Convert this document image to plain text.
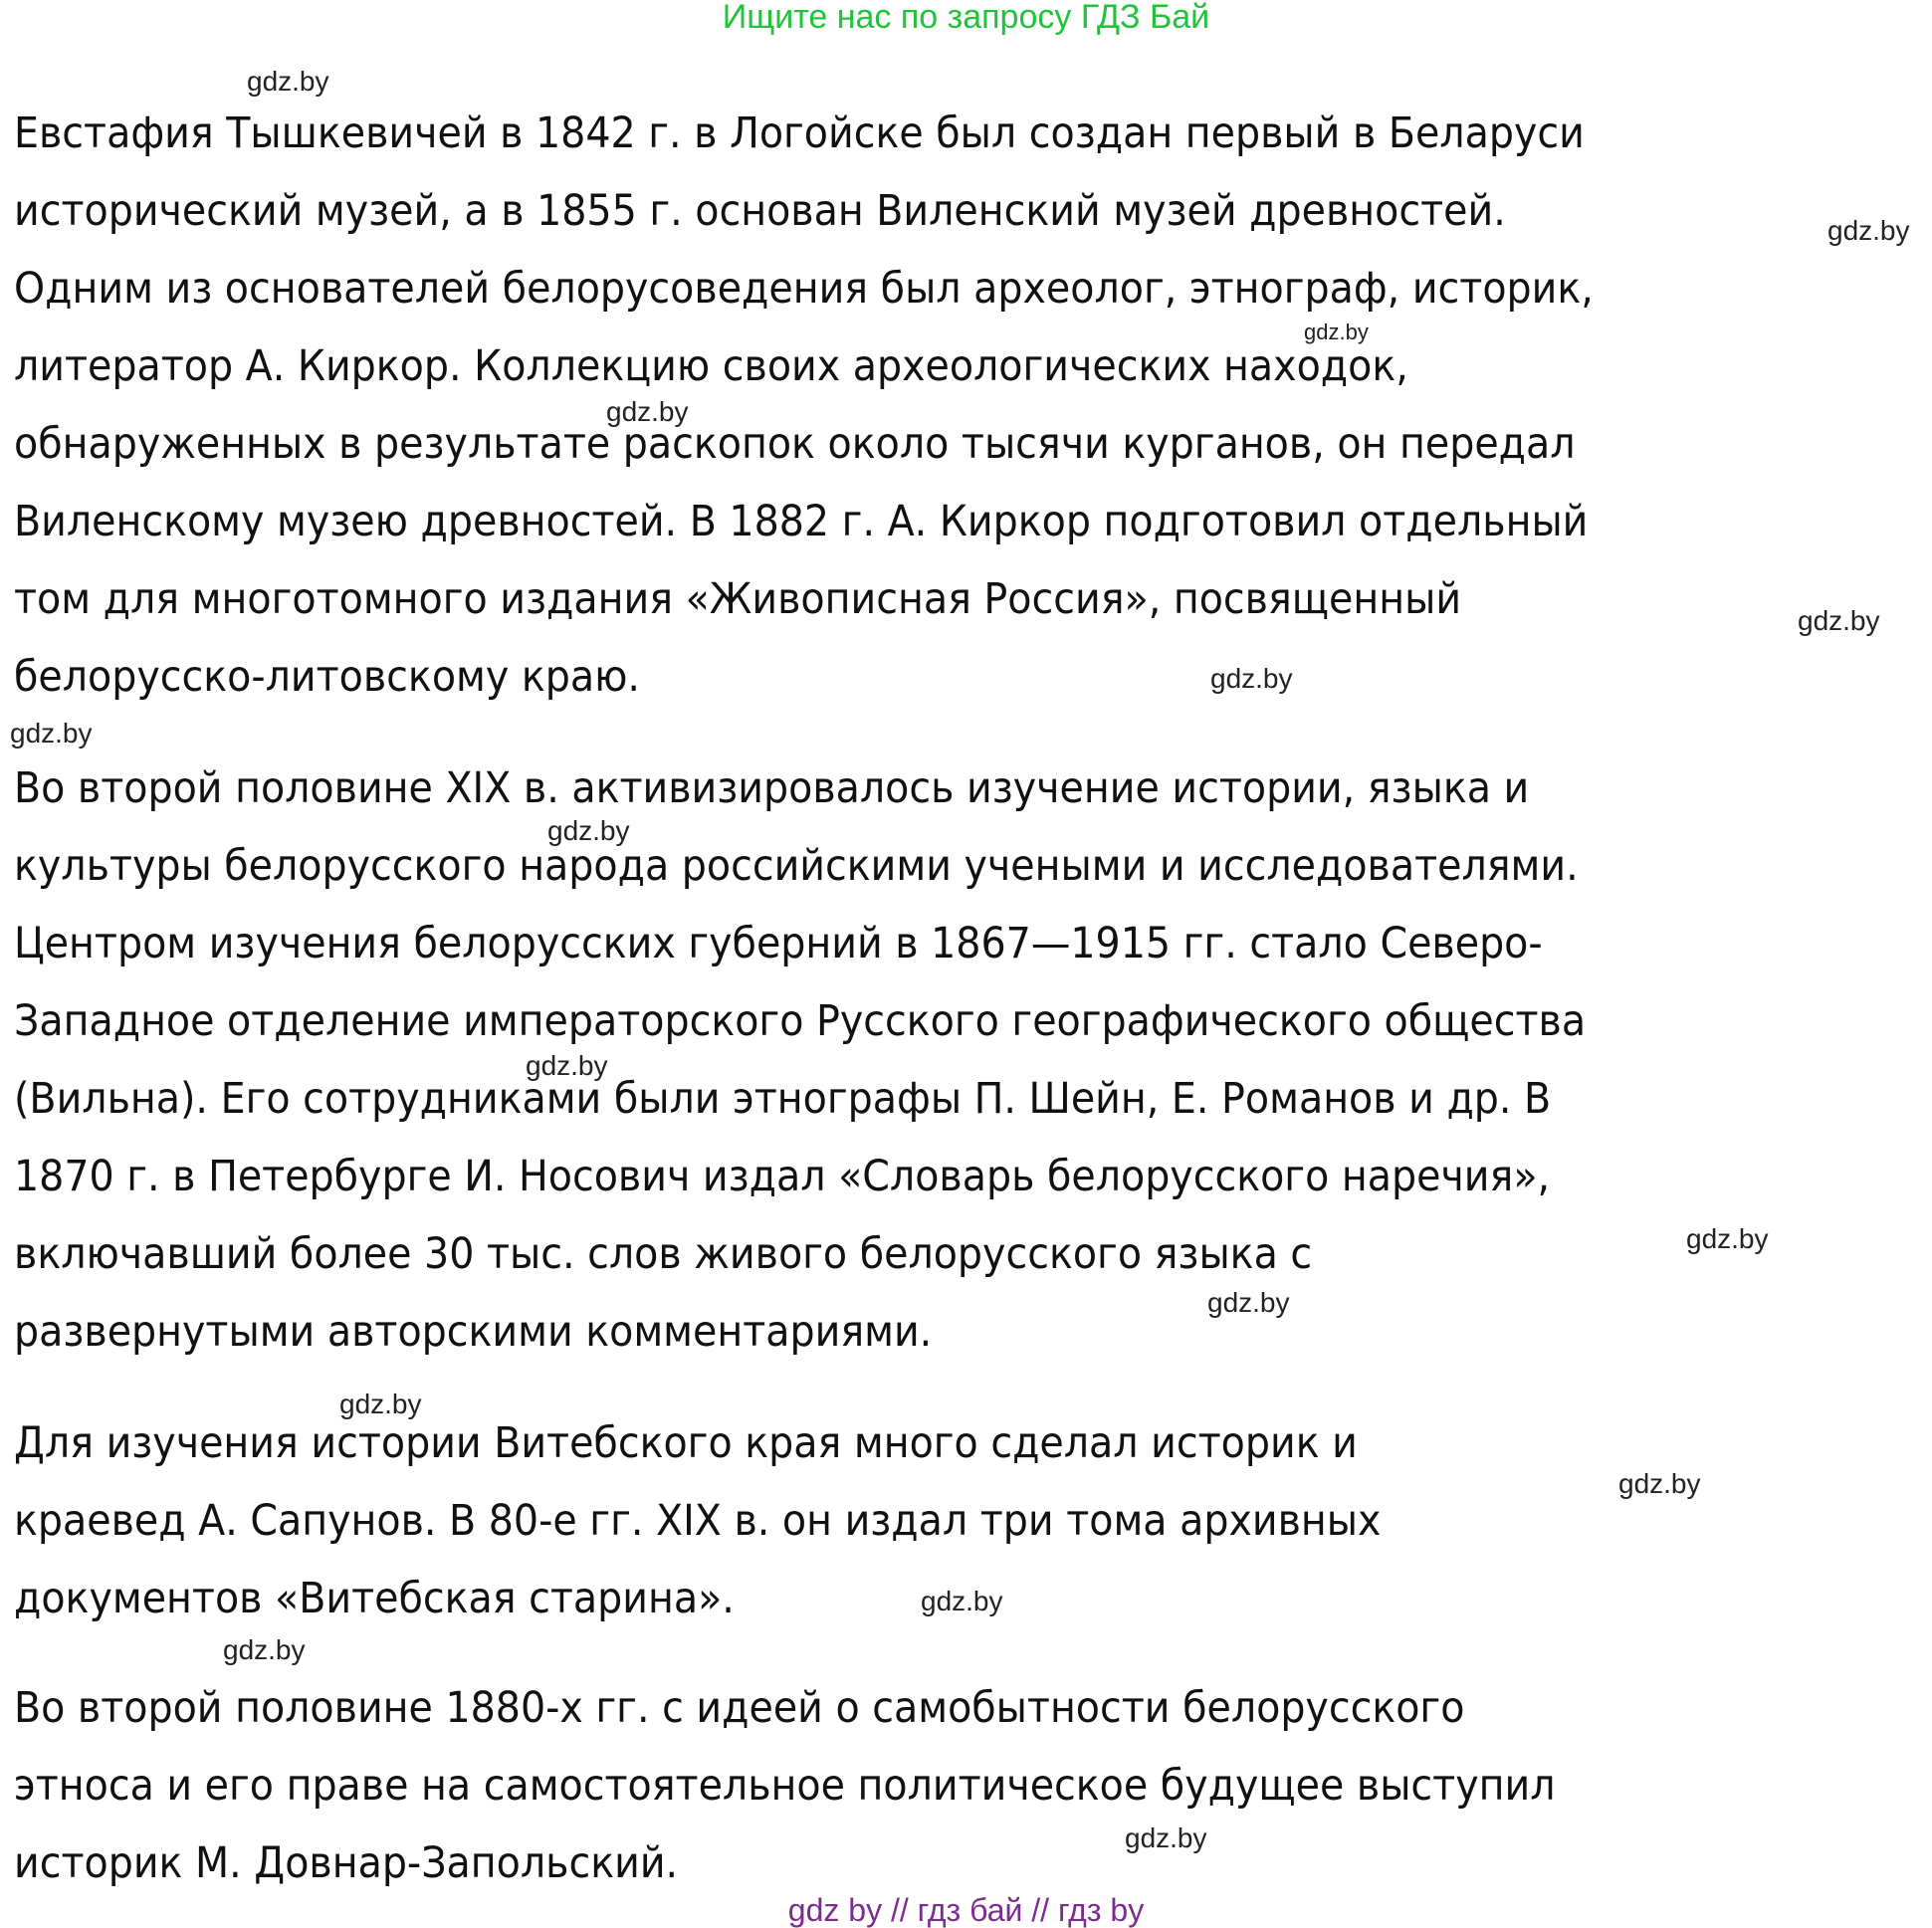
Ищите нас по запросу ГДЗ Бай

Евстафия Тышкевичей в 1842 г. в Логойске был создан первый в Беларуси

исторический музей, а в 1855 г. основан Виленский музей древностей.

Одним из основателей белорусоведения был археолог, этнограф, историк,

литератор А. Киркор. Коллекцию своих археологических находок,

обнаруженных в результате раскопок около тысячи курганов, он передал

Виленскому музею древностей. В 1882 г. А. Киркор подготовил отдельный

том для многотомного издания «Живописная Россия», посвященный

белорусско-литовскому краю.

Во второй половине XIX в. активизировалось изучение истории, языка и

культуры белорусского народа российскими учеными и исследователями.

Центром изучения белорусских губерний в 1867—1915 гг. стало Северо-

Западное отделение императорского Русского географического общества

(Вильна). Его сотрудниками были этнографы П. Шейн, Е. Романов и др. В

1870 г. в Петербурге И. Носович издал «Словарь белорусского наречия»,

включавший более 30 тыс. слов живого белорусского языка с

развернутыми авторскими комментариями.

Для изучения истории Витебского края много сделал историк и

краевед А. Сапунов. В 80-е гг. XIX в. он издал три тома архивных

документов «Витебская старина».

Во второй половине 1880-х гг. с идеей о самобытности белорусского

этноса и его праве на самостоятельное политическое будущее выступил

историк М. Довнар-Запольский.

gdz.by
gdz.by
gdz.by
gdz.by
gdz.by
gdz.by
gdz.by
gdz.by
gdz.by
gdz.by
gdz.by
gdz.by
gdz.by
gdz.by
gdz.by
gdz.by
gdz by // гдз бай // гдз by
